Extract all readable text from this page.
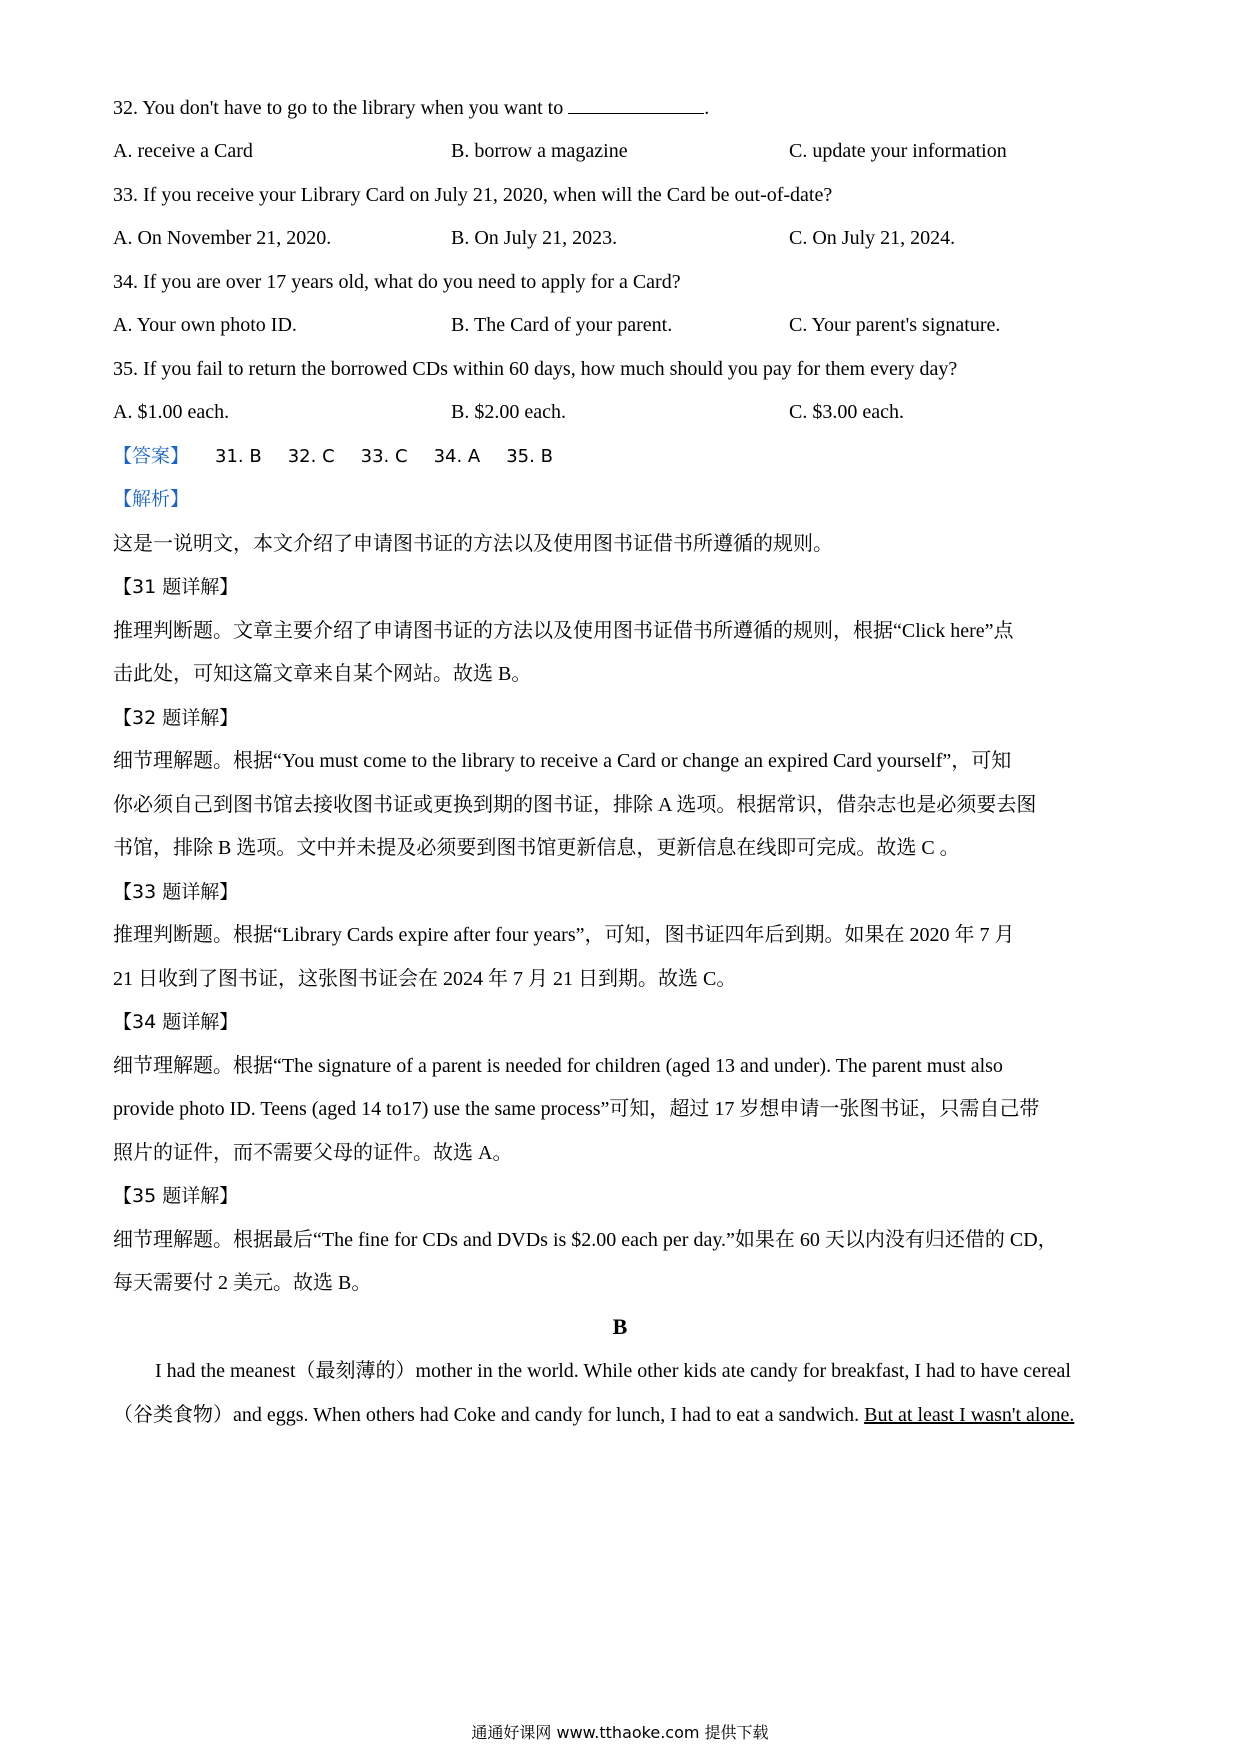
32. You don't have to go to the library when you want to	.
A. receive a Card	B. borrow a magazine	C. update your information
33. If you receive your Library Card on July 21, 2020, when will the Card be out-of-date?
A. On November 21, 2020.	B. On July 21, 2023.	C. On July 21, 2024.
34. If you are over 17 years old, what do you need to apply for a Card?
A. Your own photo ID.	B. The Card of your parent.	C. Your parent's signature.
35. If you fail to return the borrowed CDs within 60 days, how much should you pay for them every day?
A. $1.00 each.	B. $2.00 each.	C. $3.00 each.
【答案】 31. B 32. C 33. C 34. A 35. B
【解析】
这是一说明文，本文介绍了申请图书证的方法以及使用图书证借书所遵循的规则。
【31 题详解】
推理判断题。文章主要介绍了申请图书证的方法以及使用图书证借书所遵循的规则，根据“Click here”点
击此处，可知这篇文章来自某个网站。故选 B。
【32 题详解】
细节理解题。根据“You must come to the library to receive a Card or change an expired Card yourself”，可知
你必须自己到图书馆去接收图书证或更换到期的图书证，排除 A 选项。根据常识，借杂志也是必须要去图
书馆，排除 B 选项。文中并未提及必须要到图书馆更新信息，更新信息在线即可完成。故选 C 。
【33 题详解】
推理判断题。根据“Library Cards expire after four years”，可知，图书证四年后到期。如果在 2020 年 7 月
21 日收到了图书证，这张图书证会在 2024 年 7 月 21 日到期。故选 C。
【34 题详解】
细节理解题。根据“The signature of a parent is needed for children (aged 13 and under). The parent must also
provide photo ID. Teens (aged 14 to17) use the same process”可知，超过 17 岁想申请一张图书证，只需自己带
照片的证件，而不需要父母的证件。故选 A。
【35 题详解】
细节理解题。根据最后“The fine for CDs and DVDs is $2.00 each per day.”如果在 60 天以内没有归还借的 CD，
每天需要付 2 美元。故选 B。
B
I had the meanest（最刻薄的）mother in the world. While other kids ate candy for breakfast, I had to have cereal
（谷类食物）and eggs. When others had Coke and candy for lunch, I had to eat a sandwich. But at least I wasn't alone.
通通好课网 www.tthaoke.com 提供下载
